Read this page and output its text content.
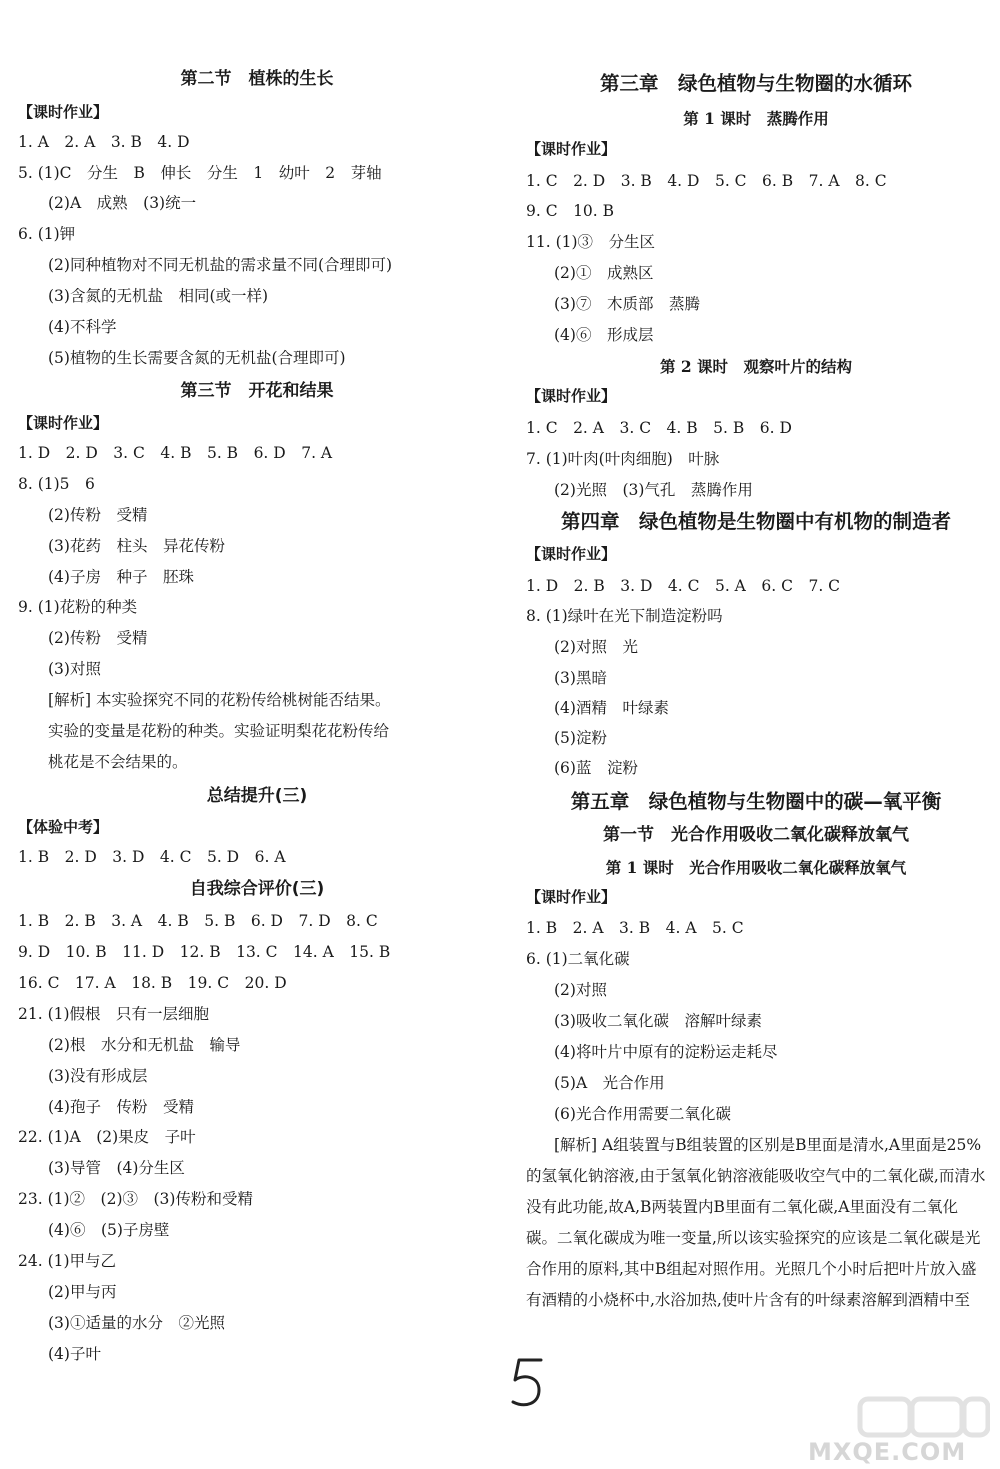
第二节　植株的生长
【课时作业】
1. A　2. A　3. B　4. D
5. (1)C　分生　B　伸长　分生　1　幼叶　2　芽轴
(2)A　成熟　(3)统一
6. (1)钾
(2)同种植物对不同无机盐的需求量不同(合理即可)
(3)含氮的无机盐　相同(或一样)
(4)不科学
(5)植物的生长需要含氮的无机盐(合理即可)
第三节　开花和结果
【课时作业】
1. D　2. D　3. C　4. B　5. B　6. D　7. A
8. (1)5　6
(2)传粉　受精
(3)花药　柱头　异花传粉
(4)子房　种子　胚珠
9. (1)花粉的种类
(2)传粉　受精
(3)对照
[解析] 本实验探究不同的花粉传给桃树能否结果。
实验的变量是花粉的种类。实验证明梨花花粉传给
桃花是不会结果的。
总结提升(三)
【体验中考】
1. B　2. D　3. D　4. C　5. D　6. A
自我综合评价(三)
1. B　2. B　3. A　4. B　5. B　6. D　7. D　8. C
9. D　10. B　11. D　12. B　13. C　14. A　15. B
16. C　17. A　18. B　19. C　20. D
21. (1)假根　只有一层细胞
(2)根　水分和无机盐　输导
(3)没有形成层
(4)孢子　传粉　受精
22. (1)A　(2)果皮　子叶
(3)导管　(4)分生区
23. (1)②　(2)③　(3)传粉和受精
(4)⑥　(5)子房壁
24. (1)甲与乙
(2)甲与丙
(3)①适量的水分　②光照
(4)子叶
第三章　绿色植物与生物圈的水循环
第 1 课时　蒸腾作用
【课时作业】
1. C　2. D　3. B　4. D　5. C　6. B　7. A　8. C
9. C　10. B
11. (1)③　分生区
(2)①　成熟区
(3)⑦　木质部　蒸腾
(4)⑥　形成层
第 2 课时　观察叶片的结构
【课时作业】
1. C　2. A　3. C　4. B　5. B　6. D
7. (1)叶肉(叶肉细胞)　叶脉
(2)光照　(3)气孔　蒸腾作用
第四章　绿色植物是生物圈中有机物的制造者
【课时作业】
1. D　2. B　3. D　4. C　5. A　6. C　7. C
8. (1)绿叶在光下制造淀粉吗
(2)对照　光
(3)黑暗
(4)酒精　叶绿素
(5)淀粉
(6)蓝　淀粉
第五章　绿色植物与生物圈中的碳—氧平衡
第一节　光合作用吸收二氧化碳释放氧气
第 1 课时　光合作用吸收二氧化碳释放氧气
【课时作业】
1. B　2. A　3. B　4. A　5. C
6. (1)二氧化碳
(2)对照
(3)吸收二氧化碳　溶解叶绿素
(4)将叶片中原有的淀粉运走耗尽
(5)A　光合作用
(6)光合作用需要二氧化碳
[解析] A组装置与B组装置的区别是B里面是清水,A里面是25%的氢氧化钠溶液,由于氢氧化钠溶液能吸收空气中的二氧化碳,而清水没有此功能,故A,B两装置内B里面有二氧化碳,A里面没有二氧化碳。二氧化碳成为唯一变量,所以该实验探究的应该是二氧化碳是光合作用的原料,其中B组起对照作用。光照几个小时后把叶片放入盛有酒精的小烧杯中,水浴加热,使叶片含有的叶绿素溶解到酒精中至
MXQE.COM
